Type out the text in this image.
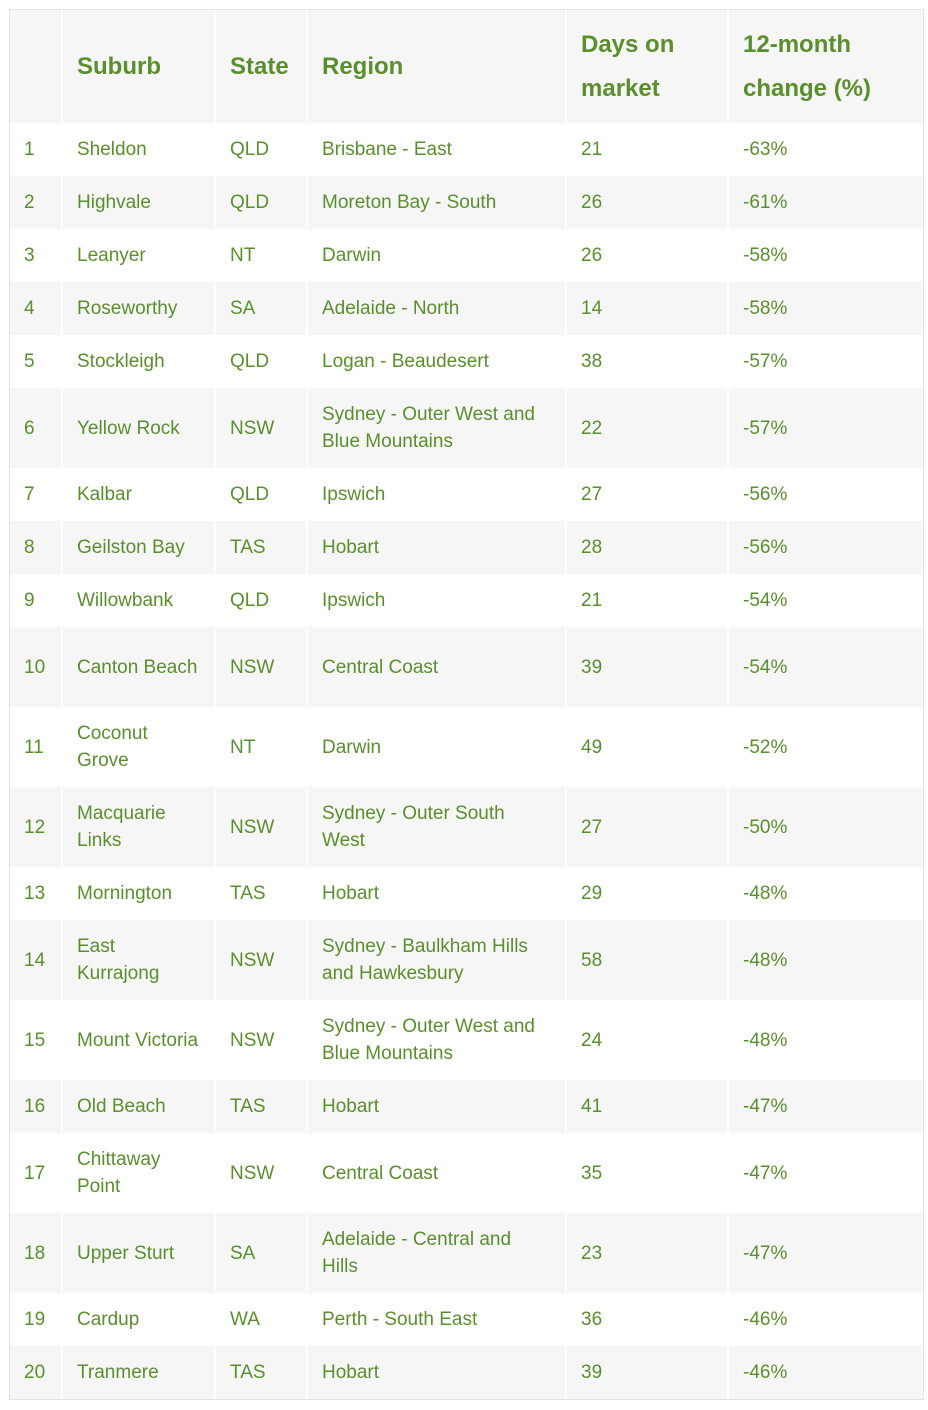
	Suburb	State	Region	Days on market	12-month change (%)
1	Sheldon	QLD	Brisbane - East	21	-63%
2	Highvale	QLD	Moreton Bay - South	26	-61%
3	Leanyer	NT	Darwin	26	-58%
4	Roseworthy	SA	Adelaide - North	14	-58%
5	Stockleigh	QLD	Logan - Beaudesert	38	-57%
6	Yellow Rock	NSW	Sydney - Outer West and Blue Mountains	22	-57%
7	Kalbar	QLD	Ipswich	27	-56%
8	Geilston Bay	TAS	Hobart	28	-56%
9	Willowbank	QLD	Ipswich	21	-54%
10	Canton Beach	NSW	Central Coast	39	-54%
11	Coconut Grove	NT	Darwin	49	-52%
12	Macquarie Links	NSW	Sydney - Outer South West	27	-50%
13	Mornington	TAS	Hobart	29	-48%
14	East Kurrajong	NSW	Sydney - Baulkham Hills and Hawkesbury	58	-48%
15	Mount Victoria	NSW	Sydney - Outer West and Blue Mountains	24	-48%
16	Old Beach	TAS	Hobart	41	-47%
17	Chittaway Point	NSW	Central Coast	35	-47%
18	Upper Sturt	SA	Adelaide - Central and Hills	23	-47%
19	Cardup	WA	Perth - South East	36	-46%
20	Tranmere	TAS	Hobart	39	-46%
